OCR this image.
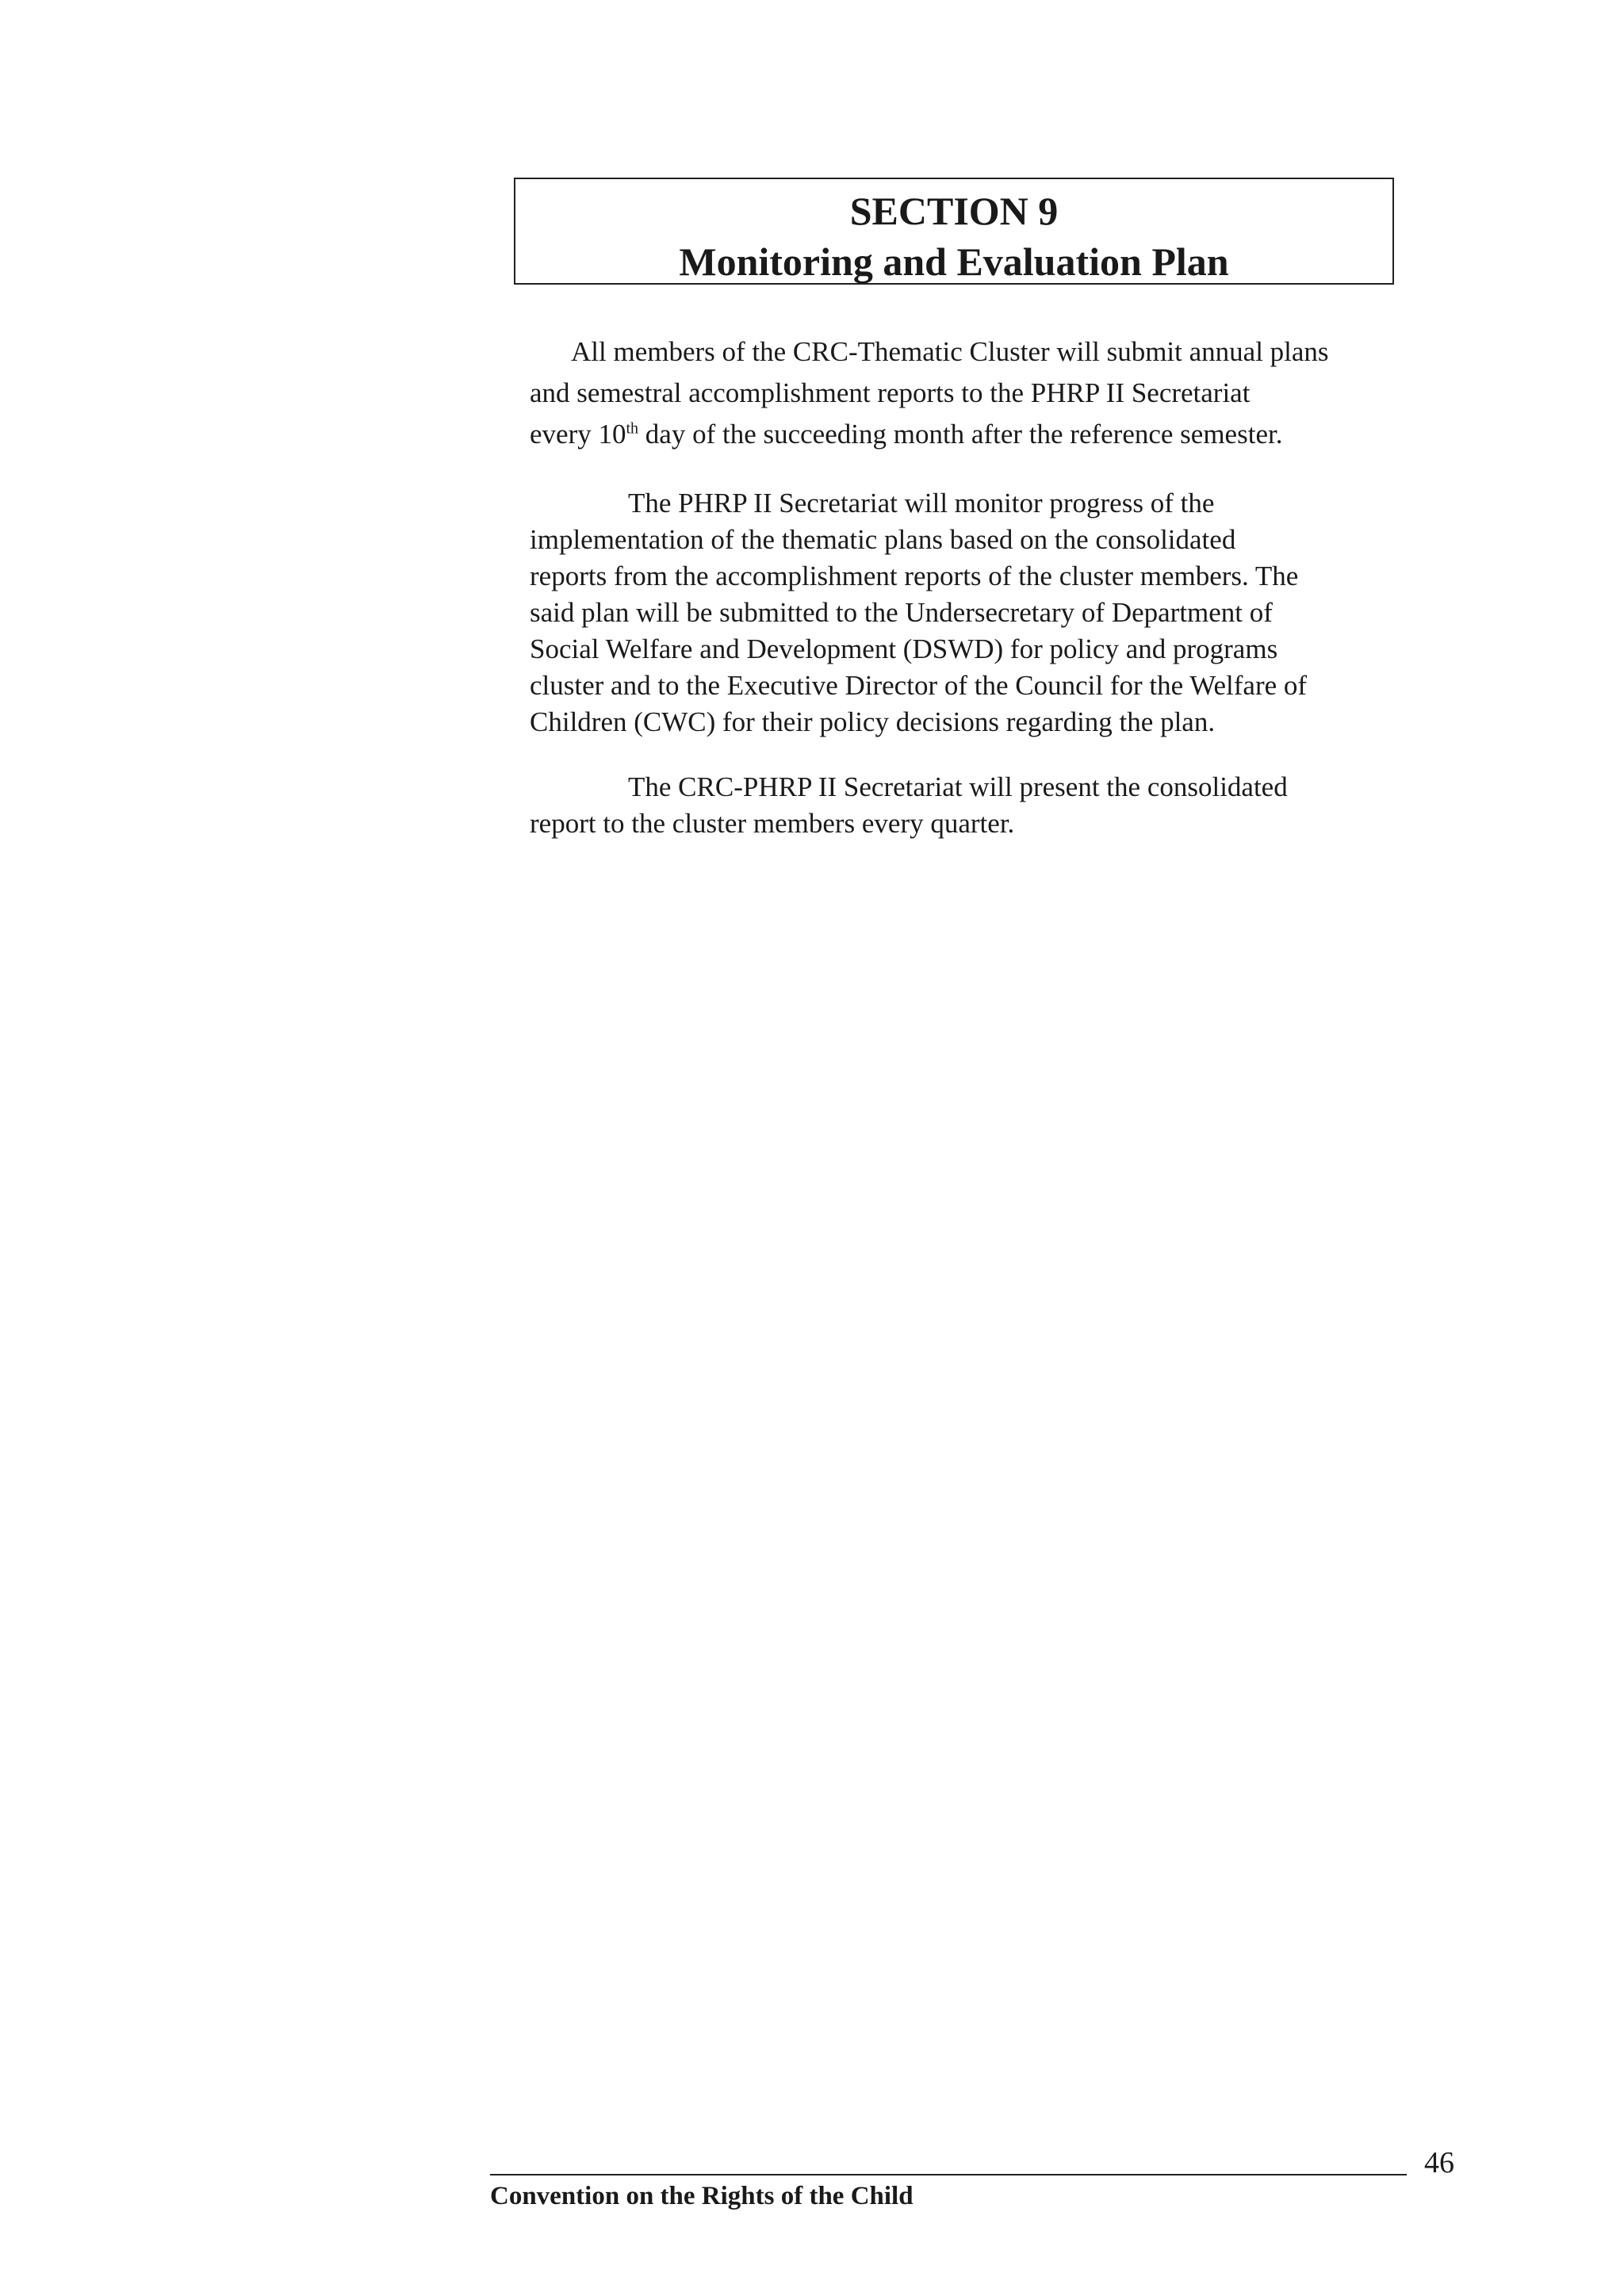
SECTION 9
Monitoring and Evaluation Plan

All members of the CRC-Thematic Cluster will submit annual plans
and semestral accomplishment reports to the PHRP II Secretariat
every 10th day of the succeeding month after the reference semester.

The PHRP II Secretariat will monitor progress of the
implementation of the thematic plans based on the consolidated
reports from the accomplishment reports of the cluster members. The
said plan will be submitted to the Undersecretary of Department of
Social Welfare and Development (DSWD) for policy and programs
cluster and to the Executive Director of the Council for the Welfare of
Children (CWC) for their policy decisions regarding the plan.

The CRC-PHRP II Secretariat will present the consolidated
report to the cluster members every quarter.

46
Convention on the Rights of the Child
